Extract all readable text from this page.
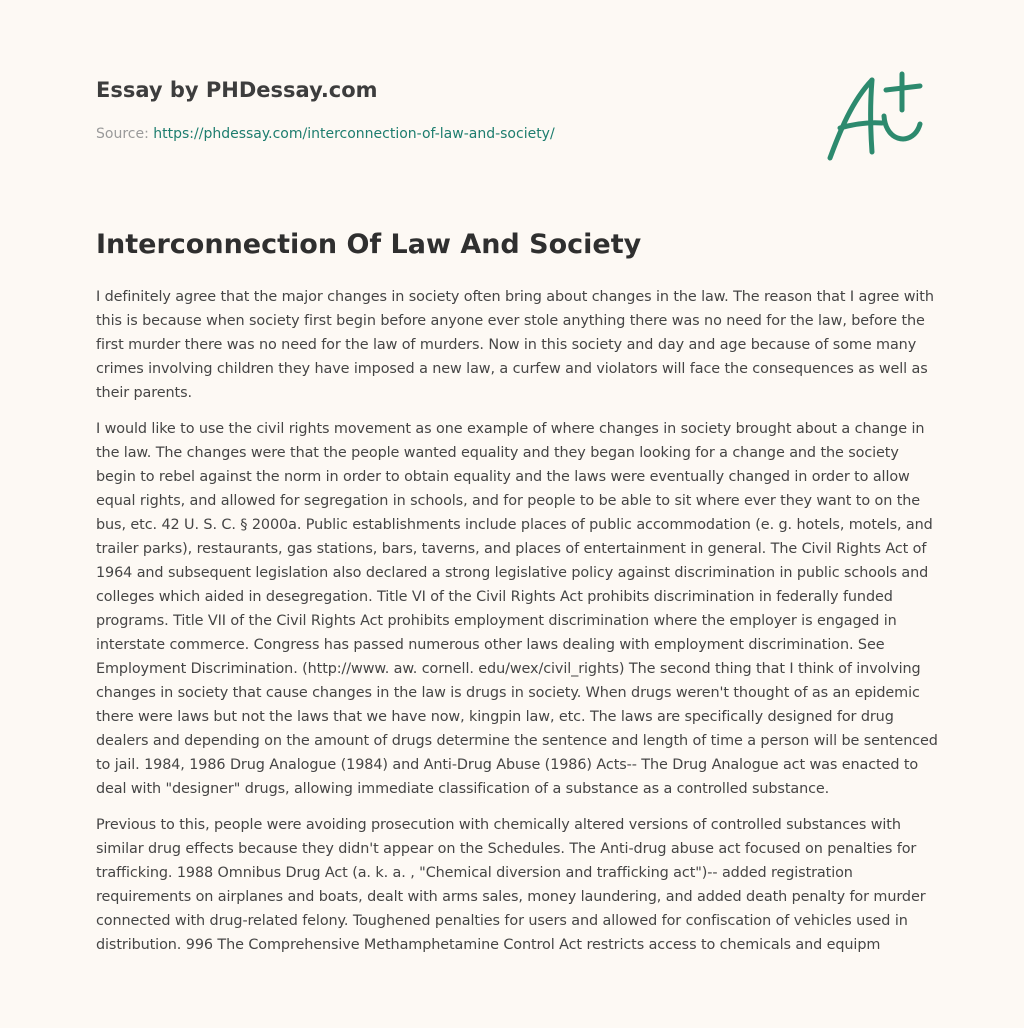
Essay by PHDessay.com
Source: https://phdessay.com/interconnection-of-law-and-society/
Interconnection Of Law And Society

I definitely agree that the major changes in society often bring about changes in the law. The reason that I agree with this is because when society first begin before anyone ever stole anything there was no need for the law, before the first murder there was no need for the law of murders. Now in this society and day and age because of some many crimes involving children they have imposed a new law, a curfew and violators will face the consequences as well as their parents.

I would like to use the civil rights movement as one example of where changes in society brought about a change in the law. The changes were that the people wanted equality and they began looking for a change and the society begin to rebel against the norm in order to obtain equality and the laws were eventually changed in order to allow equal rights, and allowed for segregation in schools, and for people to be able to sit where ever they want to on the bus, etc. 42 U. S. C. § 2000a. Public establishments include places of public accommodation (e. g. hotels, motels, and trailer parks), restaurants, gas stations, bars, taverns, and places of entertainment in general. The Civil Rights Act of 1964 and subsequent legislation also declared a strong legislative policy against discrimination in public schools and colleges which aided in desegregation. Title VI of the Civil Rights Act prohibits discrimination in federally funded programs. Title VII of the Civil Rights Act prohibits employment discrimination where the employer is engaged in interstate commerce. Congress has passed numerous other laws dealing with employment discrimination. See Employment Discrimination. (http://www. aw. cornell. edu/wex/civil_rights) The second thing that I think of involving changes in society that cause changes in the law is drugs in society. When drugs weren't thought of as an epidemic there were laws but not the laws that we have now, kingpin law, etc. The laws are specifically designed for drug dealers and depending on the amount of drugs determine the sentence and length of time a person will be sentenced to jail. 1984, 1986 Drug Analogue (1984) and Anti-Drug Abuse (1986) Acts-- The Drug Analogue act was enacted to deal with "designer" drugs, allowing immediate classification of a substance as a controlled substance.

Previous to this, people were avoiding prosecution with chemically altered versions of controlled substances with similar drug effects because they didn't appear on the Schedules. The Anti-drug abuse act focused on penalties for trafficking. 1988 Omnibus Drug Act (a. k. a. , "Chemical diversion and trafficking act")-- added registration requirements on airplanes and boats, dealt with arms sales, money laundering, and added death penalty for murder connected with drug-related felony. Toughened penalties for users and allowed for confiscation of vehicles used in distribution. 996 The Comprehensive Methamphetamine Control Act restricts access to chemicals and equipm
